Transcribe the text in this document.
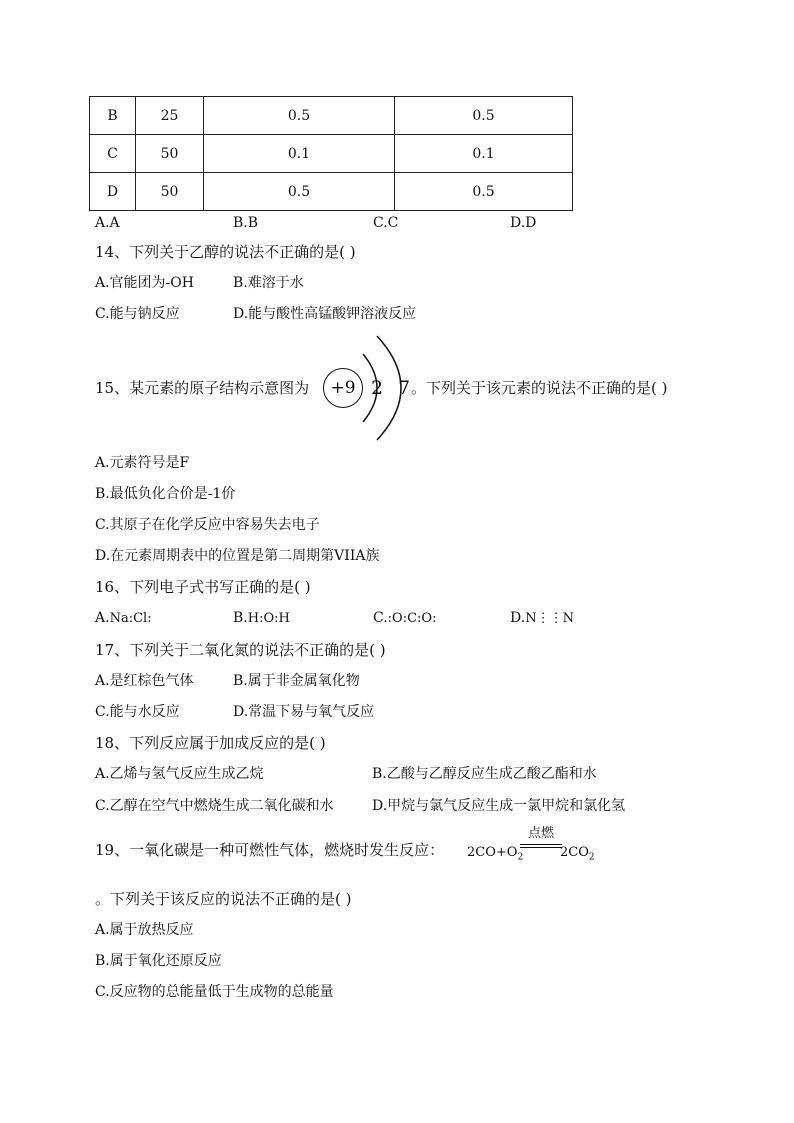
B	25	0.5	0.5
C	50	0.1	0.1
D	50	0.5	0.5
A.A	B.B	C.C	D.D
14、下列关于乙醇的说法不正确的是( )
A.官能团为-OH	B.难溶于水
C.能与钠反应	D.能与酸性高锰酸钾溶液反应
15、某元素的原子结构示意图为	+9 2 7 。下列关于该元素的说法不正确的是( )
A.元素符号是F
B.最低负化合价是-1价
C.其原子在化学反应中容易失去电子
D.在元素周期表中的位置是第二周期第VIIA族
16、下列电子式书写正确的是( )
A.Na:Cl:	B.H:O:H	C.:O:C:O:	D.N⋮⋮N
17、下列关于二氧化氮的说法不正确的是( )
A.是红棕色气体	B.属于非金属氧化物
C.能与水反应	D.常温下易与氧气反应
18、下列反应属于加成反应的是( )
A.乙烯与氢气反应生成乙烷	B.乙酸与乙醇反应生成乙酸乙酯和水
C.乙醇在空气中燃烧生成二氧化碳和水	D.甲烷与氯气反应生成一氯甲烷和氯化氢
19、一氧化碳是一种可燃性气体，燃烧时发生反应： $2CO+O_2$
点燃
$2CO_2$
。下列关于该反应的说法不正确的是( )
A.属于放热反应
B.属于氧化还原反应
C.反应物的总能量低于生成物的总能量
